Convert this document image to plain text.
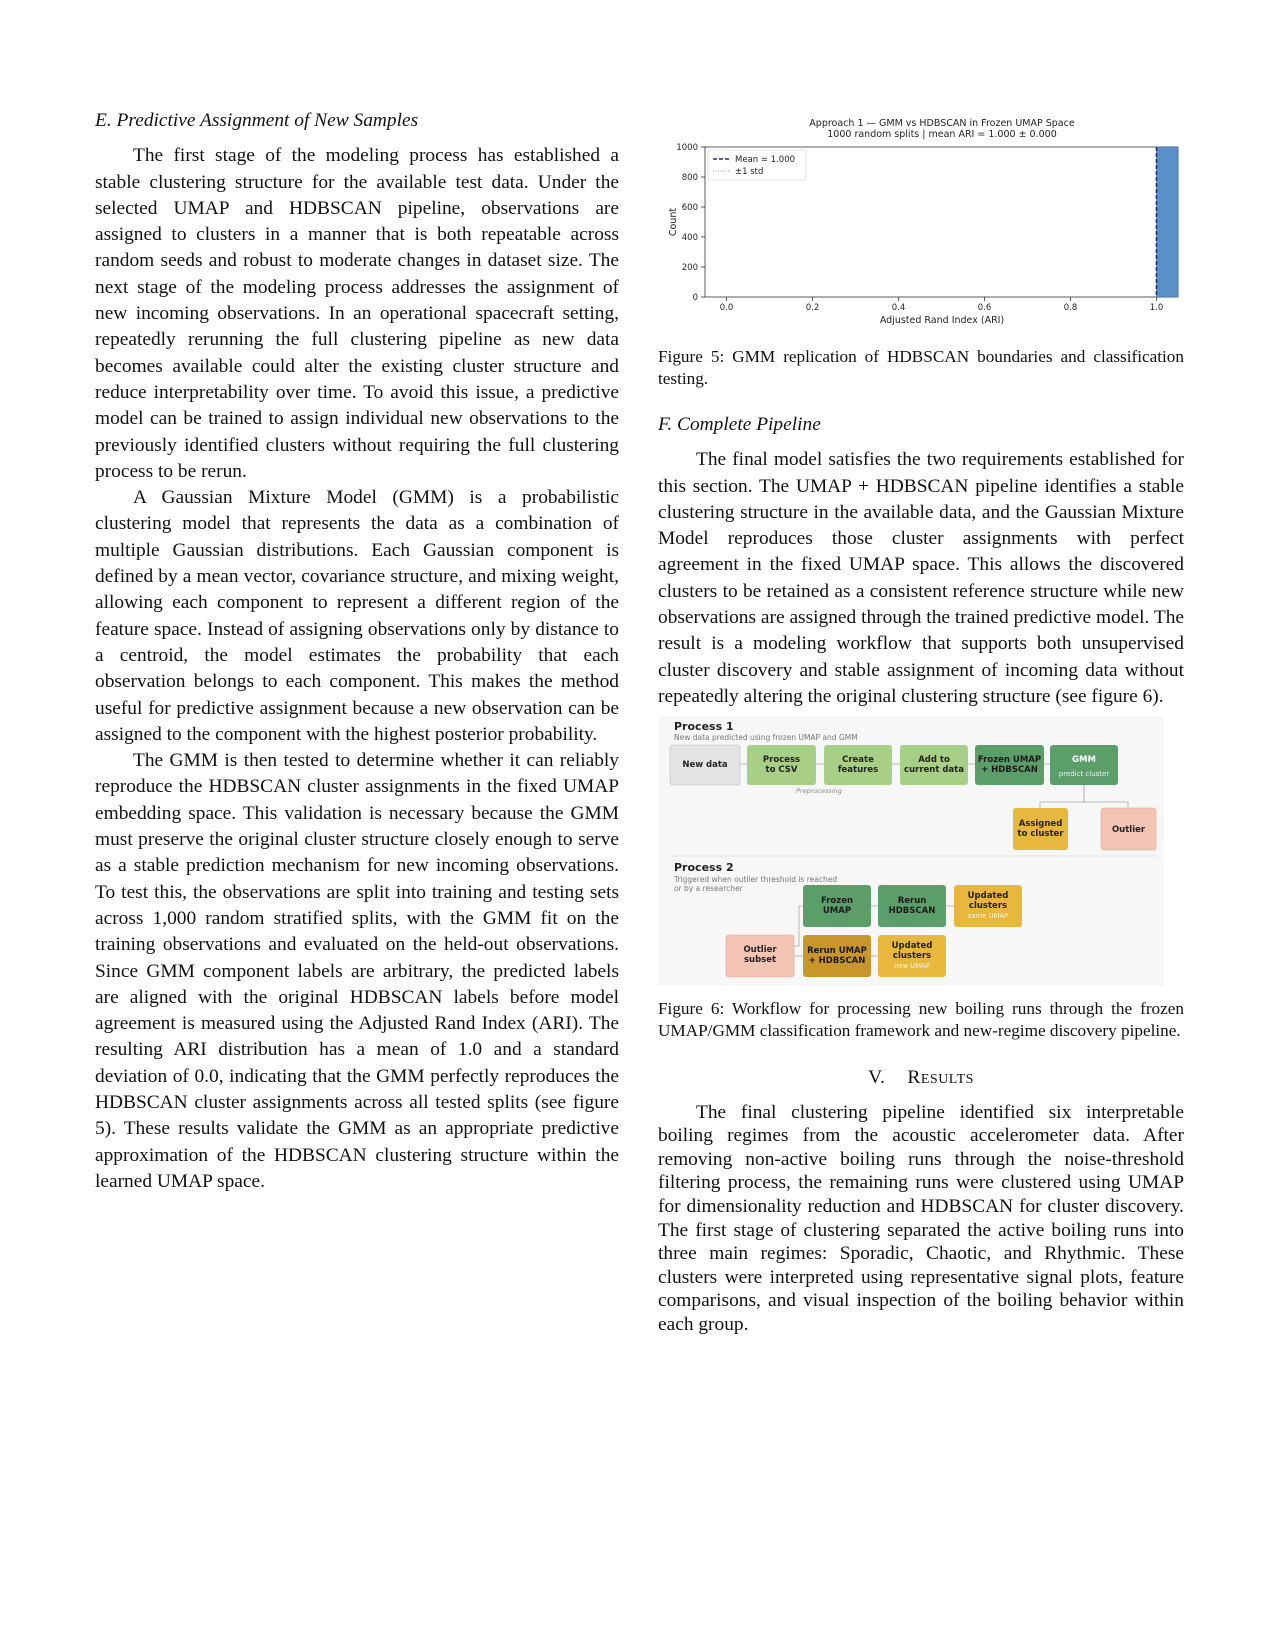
E. Predictive Assignment of New Samples

The first stage of the modeling process has established a stable clustering structure for the available test data. Under the selected UMAP and HDBSCAN pipeline, observations are assigned to clusters in a manner that is both repeatable across random seeds and robust to moderate changes in dataset size. The next stage of the modeling process addresses the assignment of new incoming observations. In an operational spacecraft setting, repeatedly rerunning the full clustering pipeline as new data becomes available could alter the existing cluster structure and reduce interpretability over time. To avoid this issue, a predictive model can be trained to assign individual new observations to the previously identified clusters without requiring the full clustering process to be rerun.

A Gaussian Mixture Model (GMM) is a probabilistic clustering model that represents the data as a combination of multiple Gaussian distributions. Each Gaussian component is defined by a mean vector, covariance structure, and mixing weight, allowing each component to represent a different region of the feature space. Instead of assigning observations only by distance to a centroid, the model estimates the probability that each observation belongs to each component. This makes the method useful for predictive assignment because a new observation can be assigned to the component with the highest posterior probability.

The GMM is then tested to determine whether it can reliably reproduce the HDBSCAN cluster assignments in the fixed UMAP embedding space. This validation is necessary because the GMM must preserve the original cluster structure closely enough to serve as a stable prediction mechanism for new incoming observations. To test this, the observations are split into training and testing sets across 1,000 random stratified splits, with the GMM fit on the training observations and evaluated on the held-out observations. Since GMM component labels are arbitrary, the predicted labels are aligned with the original HDBSCAN labels before model agreement is measured using the Adjusted Rand Index (ARI). The resulting ARI distribution has a mean of 1.0 and a standard deviation of 0.0, indicating that the GMM perfectly reproduces the HDBSCAN cluster assignments across all tested splits (see figure 5). These results validate the GMM as an appropriate predictive approximation of the HDBSCAN clustering structure within the learned UMAP space.

Approach 1 — GMM vs HDBSCAN in Frozen UMAP Space
1000 random splits | mean ARI = 1.000 ± 0.000
0.0	0.2	0.4	0.6	0.8	1.0
0
200
400
600
800
1000
Mean = 1.000
±1 std
Adjusted Rand Index (ARI)
Count
Figure 5: GMM replication of HDBSCAN boundaries and classification testing.
F. Complete Pipeline

The final model satisfies the two requirements established for this section. The UMAP + HDBSCAN pipeline identifies a stable clustering structure in the available data, and the Gaussian Mixture Model reproduces those cluster assignments with perfect agreement in the fixed UMAP space. This allows the discovered clusters to be retained as a consistent reference structure while new observations are assigned through the trained predictive model. The result is a modeling workflow that supports both unsupervised cluster discovery and stable assignment of incoming data without repeatedly altering the original clustering structure (see figure 6).

Process 1
New data predicted using frozen UMAP and GMM
New data	Process
to CSV
Create
features
Add to
current data
Preprocessing
Frozen UMAP
+ HDBSCAN
GMM
predict cluster
Assigned
to cluster	Outlier
Process 2
Triggered when outlier threshold is reached
or by a researcher
Outlier
subset
Frozen
UMAP
Rerun
HDBSCAN
Updated
clusters
same UMAP
Rerun UMAP
+ HDBSCAN
Updated
clusters
new UMAP
Figure 6: Workflow for processing new boiling runs through the frozen UMAP/GMM classification framework and new-regime discovery pipeline.
V. Results

The final clustering pipeline identified six interpretable boiling regimes from the acoustic accelerometer data. After removing non-active boiling runs through the noise-threshold filtering process, the remaining runs were clustered using UMAP for dimensionality reduction and HDBSCAN for cluster discovery. The first stage of clustering separated the active boiling runs into three main regimes: Sporadic, Chaotic, and Rhythmic. These clusters were interpreted using representative signal plots, feature comparisons, and visual inspection of the boiling behavior within each group.
